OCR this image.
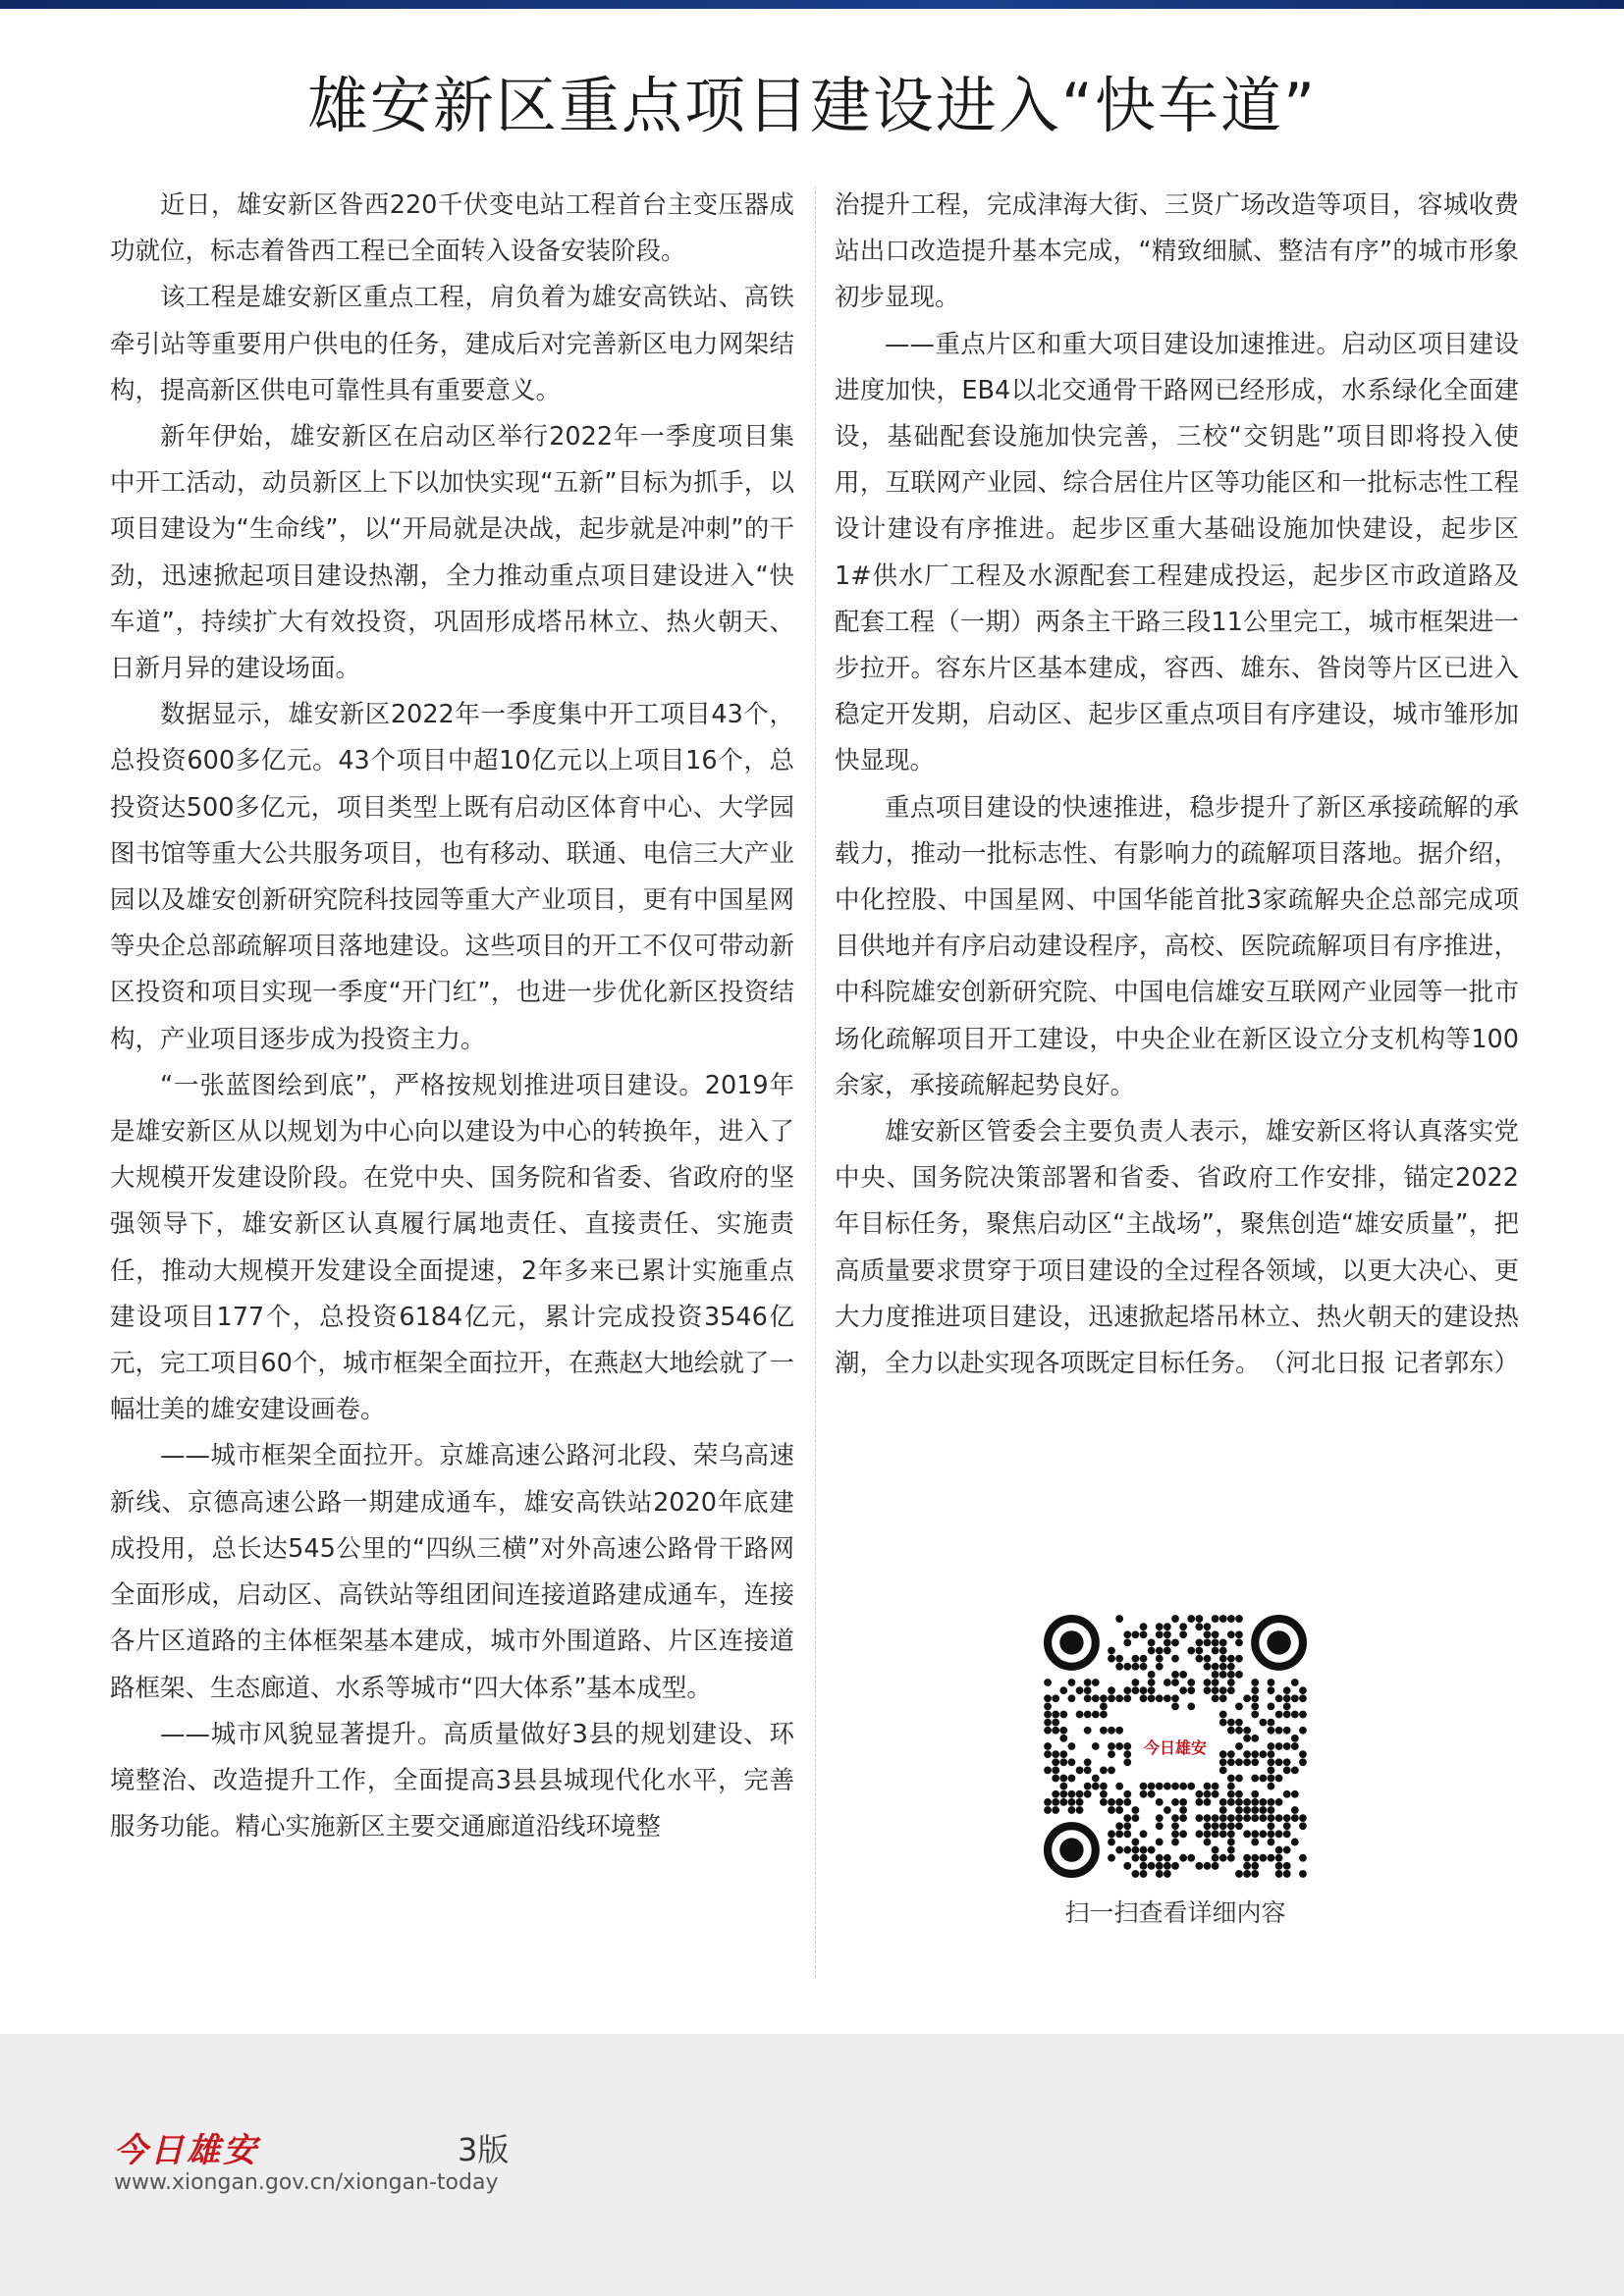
雄安新区重点项目建设进入“快车道”

近日，雄安新区昝西220千伏变电站工程首台主变压器成功就位，标志着昝西工程已全面转入设备安装阶段。

该工程是雄安新区重点工程，肩负着为雄安高铁站、高铁牵引站等重要用户供电的任务，建成后对完善新区电力网架结构，提高新区供电可靠性具有重要意义。

新年伊始，雄安新区在启动区举行2022年一季度项目集中开工活动，动员新区上下以加快实现“五新”目标为抓手，以项目建设为“生命线”，以“开局就是决战，起步就是冲刺”的干劲，迅速掀起项目建设热潮，全力推动重点项目建设进入“快车道”，持续扩大有效投资，巩固形成塔吊林立、热火朝天、日新月异的建设场面。

数据显示，雄安新区2022年一季度集中开工项目43个，总投资600多亿元。43个项目中超10亿元以上项目16个，总投资达500多亿元，项目类型上既有启动区体育中心、大学园图书馆等重大公共服务项目，也有移动、联通、电信三大产业园以及雄安创新研究院科技园等重大产业项目，更有中国星网等央企总部疏解项目落地建设。这些项目的开工不仅可带动新区投资和项目实现一季度“开门红”，也进一步优化新区投资结构，产业项目逐步成为投资主力。

“一张蓝图绘到底”，严格按规划推进项目建设。2019年是雄安新区从以规划为中心向以建设为中心的转换年，进入了大规模开发建设阶段。在党中央、国务院和省委、省政府的坚强领导下，雄安新区认真履行属地责任、直接责任、实施责任，推动大规模开发建设全面提速，2年多来已累计实施重点建设项目177个，总投资6184亿元，累计完成投资3546亿元，完工项目60个，城市框架全面拉开，在燕赵大地绘就了一幅壮美的雄安建设画卷。

——城市框架全面拉开。京雄高速公路河北段、荣乌高速新线、京德高速公路一期建成通车，雄安高铁站2020年底建成投用，总长达545公里的“四纵三横”对外高速公路骨干路网全面形成，启动区、高铁站等组团间连接道路建成通车，连接各片区道路的主体框架基本建成，城市外围道路、片区连接道路框架、生态廊道、水系等城市“四大体系”基本成型。

——城市风貌显著提升。高质量做好3县的规划建设、环境整治、改造提升工作，全面提高3县县城现代化水平，完善服务功能。精心实施新区主要交通廊道沿线环境整

治提升工程，完成津海大街、三贤广场改造等项目，容城收费站出口改造提升基本完成，“精致细腻、整洁有序”的城市形象初步显现。

——重点片区和重大项目建设加速推进。启动区项目建设进度加快，EB4以北交通骨干路网已经形成，水系绿化全面建设，基础配套设施加快完善，三校“交钥匙”项目即将投入使用，互联网产业园、综合居住片区等功能区和一批标志性工程设计建设有序推进。起步区重大基础设施加快建设，起步区1#供水厂工程及水源配套工程建成投运，起步区市政道路及配套工程（一期）两条主干路三段11公里完工，城市框架进一步拉开。容东片区基本建成，容西、雄东、昝岗等片区已进入稳定开发期，启动区、起步区重点项目有序建设，城市雏形加快显现。

重点项目建设的快速推进，稳步提升了新区承接疏解的承载力，推动一批标志性、有影响力的疏解项目落地。据介绍，中化控股、中国星网、中国华能首批3家疏解央企总部完成项目供地并有序启动建设程序，高校、医院疏解项目有序推进，中科院雄安创新研究院、中国电信雄安互联网产业园等一批市场化疏解项目开工建设，中央企业在新区设立分支机构等100余家，承接疏解起势良好。

雄安新区管委会主要负责人表示，雄安新区将认真落实党中央、国务院决策部署和省委、省政府工作安排，锚定2022年目标任务，聚焦启动区“主战场”，聚焦创造“雄安质量”，把高质量要求贯穿于项目建设的全过程各领域，以更大决心、更大力度推进项目建设，迅速掀起塔吊林立、热火朝天的建设热潮，全力以赴实现各项既定目标任务。 （河北日报 记者郭东）

今日雄安
扫一扫查看详细内容
今日雄安	3版
www.xiongan.gov.cn/xiongan-today
